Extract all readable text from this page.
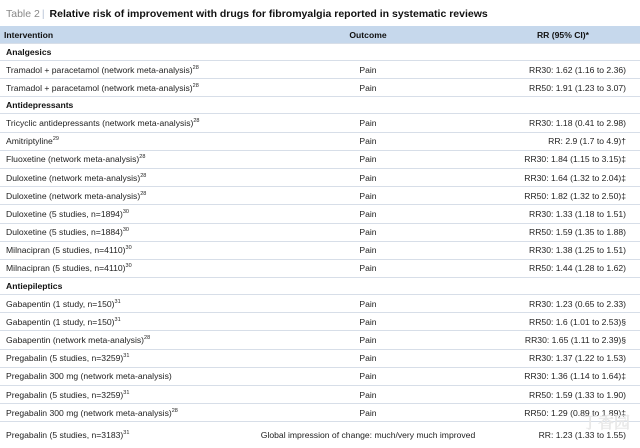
Table 2 | Relative risk of improvement with drugs for fibromyalgia reported in systematic reviews
Intervention	Outcome	RR (95% CI)*
Analgesics		
Tramadol + paracetamol (network meta-analysis)$^{28}$	Pain	RR30: 1.62 (1.16 to 2.36)
Tramadol + paracetamol (network meta-analysis)$^{28}$	Pain	RR50: 1.91 (1.23 to 3.07)
Antidepressants		
Tricyclic antidepressants (network meta-analysis)$^{28}$	Pain	RR30: 1.18 (0.41 to 2.98)
Amitriptyline$^{29}$	Pain	RR: 2.9 (1.7 to 4.9)†
Fluoxetine (network meta-analysis)$^{28}$	Pain	RR30: 1.84 (1.15 to 3.15)‡
Duloxetine (network meta-analysis)$^{28}$	Pain	RR30: 1.64 (1.32 to 2.04)‡
Duloxetine (network meta-analysis)$^{28}$	Pain	RR50: 1.82 (1.32 to 2.50)‡
Duloxetine (5 studies, n=1894)$^{30}$	Pain	RR30: 1.33 (1.18 to 1.51)
Duloxetine (5 studies, n=1884)$^{30}$	Pain	RR50: 1.59 (1.35 to 1.88)
Milnacipran (5 studies, n=4110)$^{30}$	Pain	RR30: 1.38 (1.25 to 1.51)
Milnacipran (5 studies, n=4110)$^{30}$	Pain	RR50: 1.44 (1.28 to 1.62)
Antiepileptics		
Gabapentin (1 study, n=150)$^{31}$	Pain	RR30: 1.23 (0.65 to 2.33)
Gabapentin (1 study, n=150)$^{31}$	Pain	RR50: 1.6 (1.01 to 2.53)§
Gabapentin (network meta-analysis)$^{28}$	Pain	RR30: 1.65 (1.11 to 2.39)§
Pregabalin (5 studies, n=3259)$^{31}$	Pain	RR30: 1.37 (1.22 to 1.53)
Pregabalin 300 mg (network meta-analysis)	Pain	RR30: 1.36 (1.14 to 1.64)‡
Pregabalin (5 studies, n=3259)$^{31}$	Pain	RR50: 1.59 (1.33 to 1.90)
Pregabalin 300 mg (network meta-analysis)$^{28}$	Pain	RR50: 1.29 (0.89 to 1.89)‡
Pregabalin (5 studies, n=3183)$^{31}$	Global impression of change: much/very much improved	RR: 1.23 (1.33 to 1.55)
丁香园
